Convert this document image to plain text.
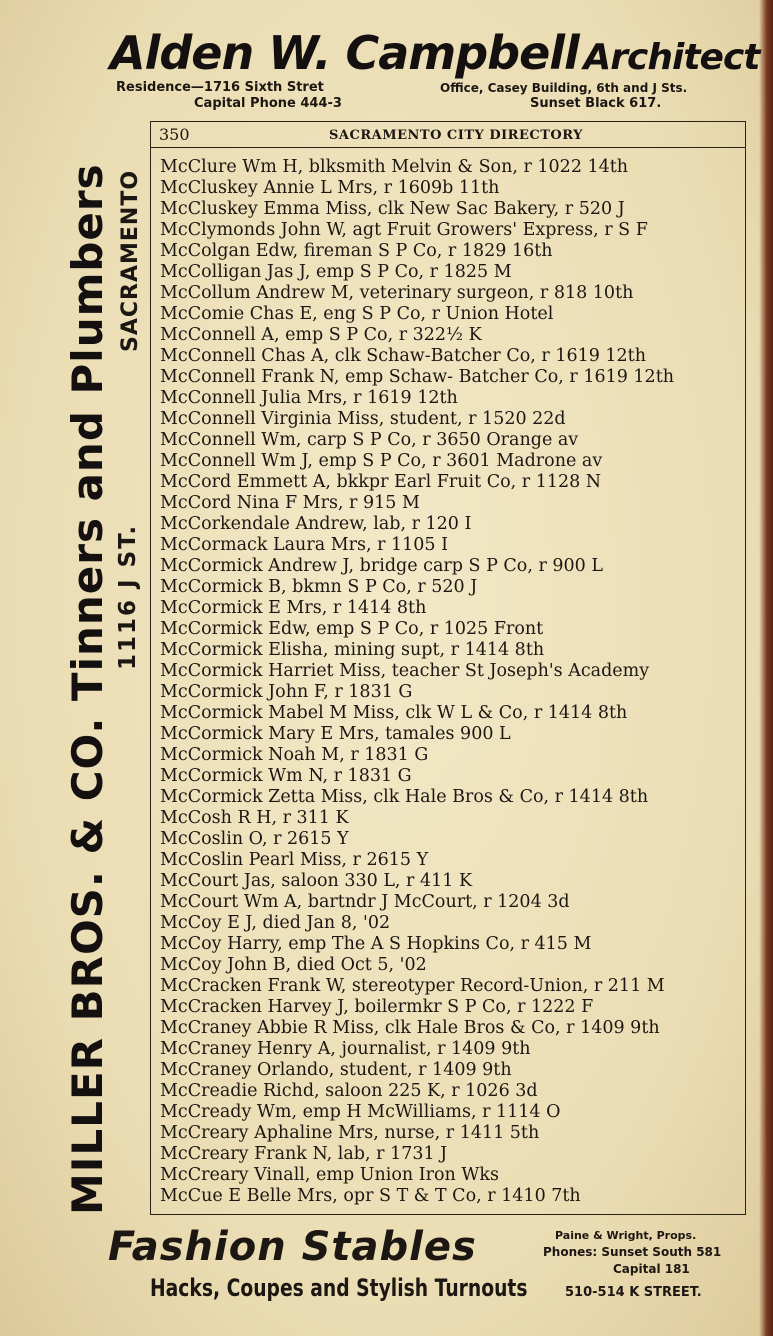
Alden W. Campbell Architect
Residence—1716 Sixth Stret
Capital Phone 444-3
Office, Casey Building, 6th and J Sts.
Sunset Black 617.
MILLER BROS. & CO. Tinners and Plumbers 1116 J ST.
SACRAMENTO
350	SACRAMENTO CITY DIRECTORY
McClure Wm H, blksmith Melvin & Son, r 1022 14th
McCluskey Annie L Mrs, r 1609b 11th
McCluskey Emma Miss, clk New Sac Bakery, r 520 J
McClymonds John W, agt Fruit Growers' Express, r S F
McColgan Edw, fireman S P Co, r 1829 16th
McColligan Jas J, emp S P Co, r 1825 M
McCollum Andrew M, veterinary surgeon, r 818 10th
McComie Chas E, eng S P Co, r Union Hotel
McConnell A, emp S P Co, r 322½ K
McConnell Chas A, clk Schaw-Batcher Co, r 1619 12th
McConnell Frank N, emp Schaw- Batcher Co, r 1619 12th
McConnell Julia Mrs, r 1619 12th
McConnell Virginia Miss, student, r 1520 22d
McConnell Wm, carp S P Co, r 3650 Orange av
McConnell Wm J, emp S P Co, r 3601 Madrone av
McCord Emmett A, bkkpr Earl Fruit Co, r 1128 N
McCord Nina F Mrs, r 915 M
McCorkendale Andrew, lab, r 120 I
McCormack Laura Mrs, r 1105 I
McCormick Andrew J, bridge carp S P Co, r 900 L
McCormick B, bkmn S P Co, r 520 J
McCormick E Mrs, r 1414 8th
McCormick Edw, emp S P Co, r 1025 Front
McCormick Elisha, mining supt, r 1414 8th
McCormick Harriet Miss, teacher St Joseph's Academy
McCormick John F, r 1831 G
McCormick Mabel M Miss, clk W L & Co, r 1414 8th
McCormick Mary E Mrs, tamales 900 L
McCormick Noah M, r 1831 G
McCormick Wm N, r 1831 G
McCormick Zetta Miss, clk Hale Bros & Co, r 1414 8th
McCosh R H, r 311 K
McCoslin O, r 2615 Y
McCoslin Pearl Miss, r 2615 Y
McCourt Jas, saloon 330 L, r 411 K
McCourt Wm A, bartndr J McCourt, r 1204 3d
McCoy E J, died Jan 8, '02
McCoy Harry, emp The A S Hopkins Co, r 415 M
McCoy John B, died Oct 5, '02
McCracken Frank W, stereotyper Record-Union, r 211 M
McCracken Harvey J, boilermkr S P Co, r 1222 F
McCraney Abbie R Miss, clk Hale Bros & Co, r 1409 9th
McCraney Henry A, journalist, r 1409 9th
McCraney Orlando, student, r 1409 9th
McCreadie Richd, saloon 225 K, r 1026 3d
McCready Wm, emp H McWilliams, r 1114 O
McCreary Aphaline Mrs, nurse, r 1411 5th
McCreary Frank N, lab, r 1731 J
McCreary Vinall, emp Union Iron Wks
McCue E Belle Mrs, opr S T & T Co, r 1410 7th
Fashion Stables
Hacks, Coupes and Stylish Turnouts
Paine & Wright, Props.
Phones: Sunset South 581
Capital 181
510-514 K STREET.
